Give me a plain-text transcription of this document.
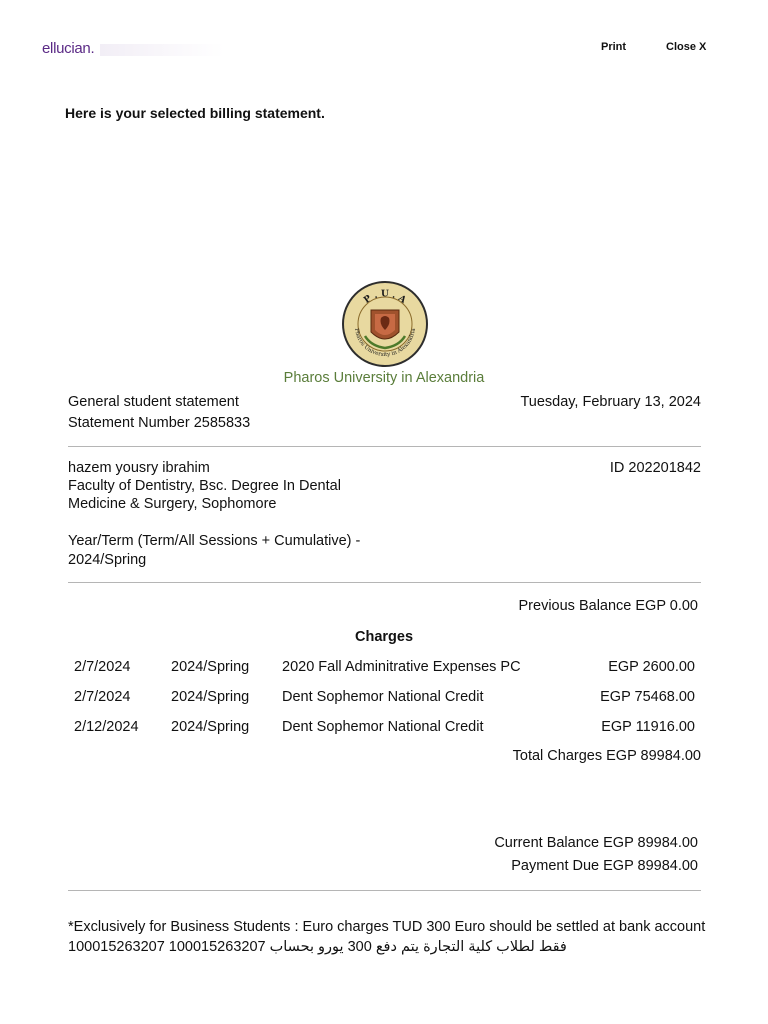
ellucian.	Print	Close X
Here is your selected billing statement.
P . U . A
Pharos University in Alexandria
Pharos University in Alexandria
General student statement	Tuesday, February 13, 2024
Statement Number 2585833
hazem yousry ibrahim	ID 202201842
Faculty of Dentistry, Bsc. Degree In Dental
Medicine & Surgery, Sophomore
Year/Term (Term/All Sessions + Cumulative) -
2024/Spring
Previous Balance EGP 0.00
Charges
2/7/2024	2024/Spring 2020 Fall Adminitrative Expenses PC	EGP 2600.00
2/7/2024	2024/Spring Dent Sophemor National Credit	EGP 75468.00
2/12/2024 2024/Spring Dent Sophemor National Credit	EGP 11916.00
Total Charges EGP 89984.00
Current Balance EGP 89984.00
Payment Due EGP 89984.00
*Exclusively for Business Students : Euro charges TUD 300 Euro should be settled at bank account 100015263207 100015263207 فقط لطلاب كلية التجارة يتم دفع 300 يورو بحساب
